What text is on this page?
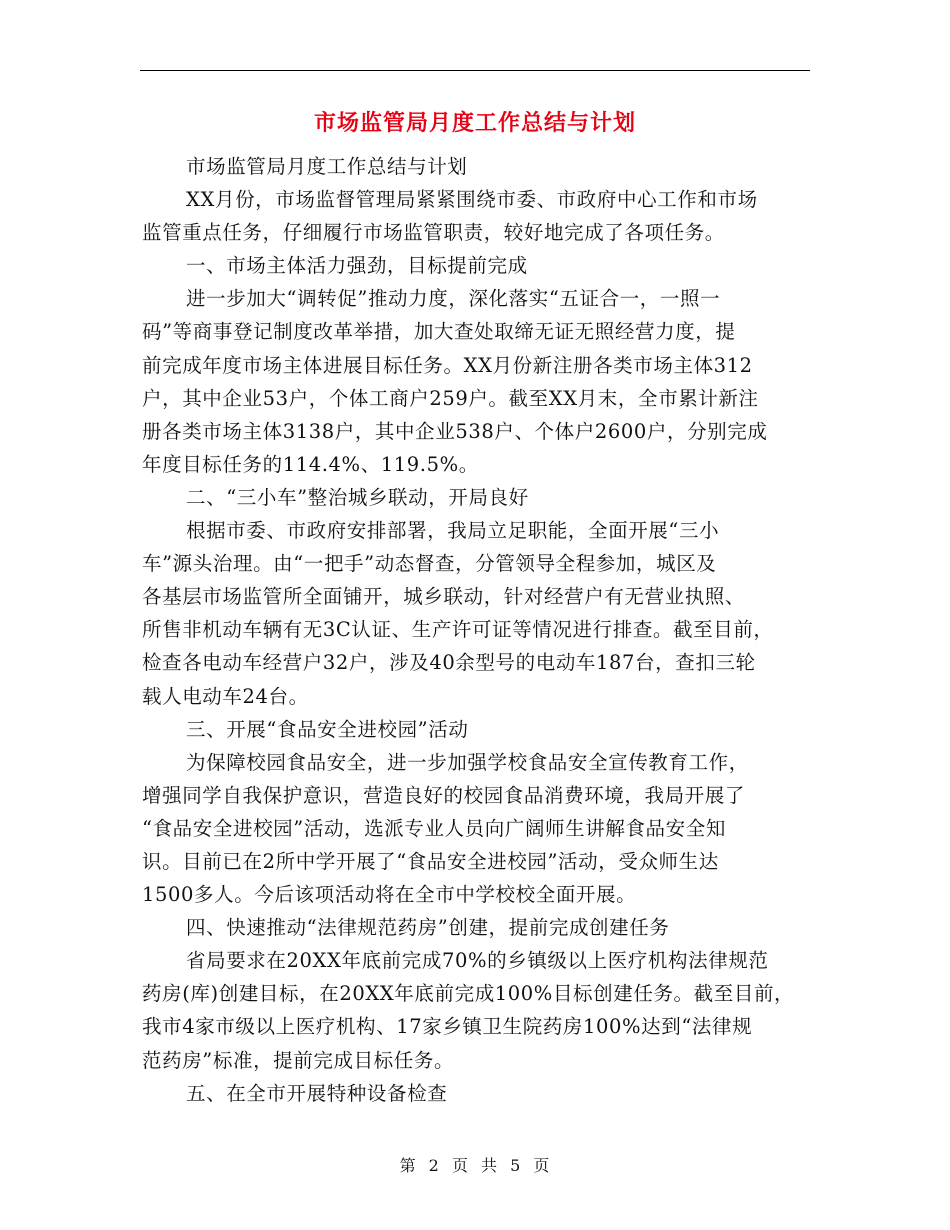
市场监管局月度工作总结与计划
市场监管局月度工作总结与计划
XX月份，市场监督管理局紧紧围绕市委、市政府中心工作和市场
监管重点任务，仔细履行市场监管职责，较好地完成了各项任务。
一、市场主体活力强劲，目标提前完成
进一步加大“调转促”推动力度，深化落实“五证合一，一照一
码”等商事登记制度改革举措，加大查处取缔无证无照经营力度，提
前完成年度市场主体进展目标任务。XX月份新注册各类市场主体312
户，其中企业53户，个体工商户259户。截至XX月末，全市累计新注
册各类市场主体3138户，其中企业538户、个体户2600户，分别完成
年度目标任务的114.4%、119.5%。
二、“三小车”整治城乡联动，开局良好
根据市委、市政府安排部署，我局立足职能，全面开展“三小
车”源头治理。由“一把手”动态督查，分管领导全程参加，城区及
各基层市场监管所全面铺开，城乡联动，针对经营户有无营业执照、
所售非机动车辆有无3C认证、生产许可证等情况进行排查。截至目前，
检查各电动车经营户32户，涉及40余型号的电动车187台，查扣三轮
载人电动车24台。
三、开展“食品安全进校园”活动
为保障校园食品安全，进一步加强学校食品安全宣传教育工作，
增强同学自我保护意识，营造良好的校园食品消费环境，我局开展了
“食品安全进校园”活动，选派专业人员向广阔师生讲解食品安全知
识。目前已在2所中学开展了“食品安全进校园”活动，受众师生达
1500多人。今后该项活动将在全市中学校校全面开展。
四、快速推动“法律规范药房”创建，提前完成创建任务
省局要求在20XX年底前完成70%的乡镇级以上医疗机构法律规范
药房(库)创建目标，在20XX年底前完成100%目标创建任务。截至目前，
我市4家市级以上医疗机构、17家乡镇卫生院药房100%达到“法律规
范药房”标准，提前完成目标任务。
五、在全市开展特种设备检查
第 2 页 共 5 页
